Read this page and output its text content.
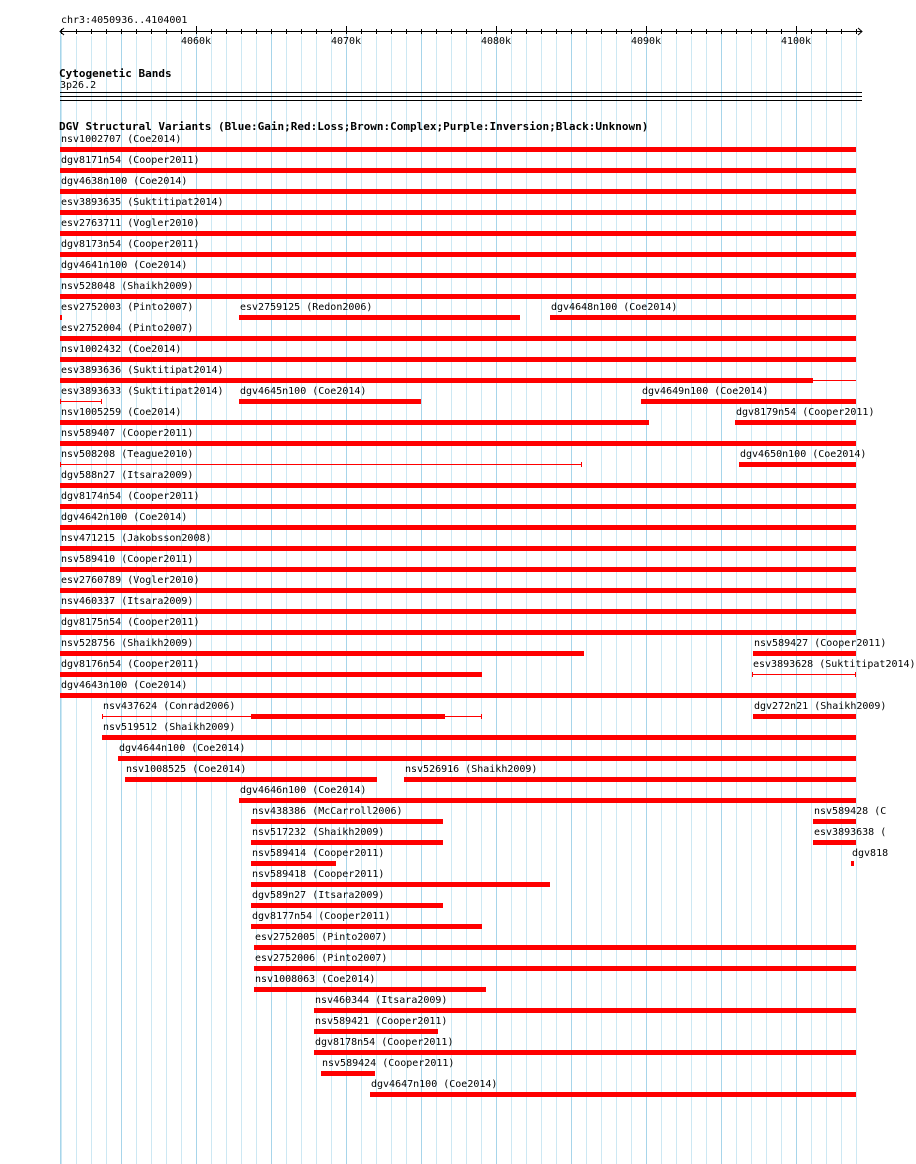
chr3:4050936..4104001
4060k	4070k	4080k	4090k	4100k
Cytogenetic Bands
3p26.2
DGV Structural Variants (Blue:Gain;Red:Loss;Brown:Complex;Purple:Inversion;Black:Unknown)
nsv1002707 (Coe2014)
dgv8171n54 (Cooper2011)
dgv4638n100 (Coe2014)
esv3893635 (Suktitipat2014)
esv2763711 (Vogler2010)
dgv8173n54 (Cooper2011)
dgv4641n100 (Coe2014)
nsv528048 (Shaikh2009)
esv2752003 (Pinto2007)	esv2759125 (Redon2006)	dgv4648n100 (Coe2014)
esv2752004 (Pinto2007)
nsv1002432 (Coe2014)
esv3893636 (Suktitipat2014)
esv3893633 (Suktitipat2014) dgv4645n100 (Coe2014)	dgv4649n100 (Coe2014)
nsv1005259 (Coe2014)	dgv8179n54 (Cooper2011)
nsv589407 (Cooper2011)
nsv508208 (Teague2010)	dgv4650n100 (Coe2014)
dgv588n27 (Itsara2009)
dgv8174n54 (Cooper2011)
dgv4642n100 (Coe2014)
nsv471215 (Jakobsson2008)
nsv589410 (Cooper2011)
esv2760789 (Vogler2010)
nsv460337 (Itsara2009)
dgv8175n54 (Cooper2011)
nsv528756 (Shaikh2009)	nsv589427 (Cooper2011)
dgv8176n54 (Cooper2011)	esv3893628 (Suktitipat2014)
dgv4643n100 (Coe2014)
nsv437624 (Conrad2006)	dgv272n21 (Shaikh2009)
nsv519512 (Shaikh2009)
dgv4644n100 (Coe2014)
nsv1008525 (Coe2014)	nsv526916 (Shaikh2009)
dgv4646n100 (Coe2014)
nsv438386 (McCarroll2006)	nsv589428 (C
nsv517232 (Shaikh2009)	esv3893638 (
nsv589414 (Cooper2011)	dgv818
nsv589418 (Cooper2011)
dgv589n27 (Itsara2009)
dgv8177n54 (Cooper2011)
esv2752005 (Pinto2007)
esv2752006 (Pinto2007)
nsv1008063 (Coe2014)
nsv460344 (Itsara2009)
nsv589421 (Cooper2011)
dgv8178n54 (Cooper2011)
nsv589424 (Cooper2011)
dgv4647n100 (Coe2014)
